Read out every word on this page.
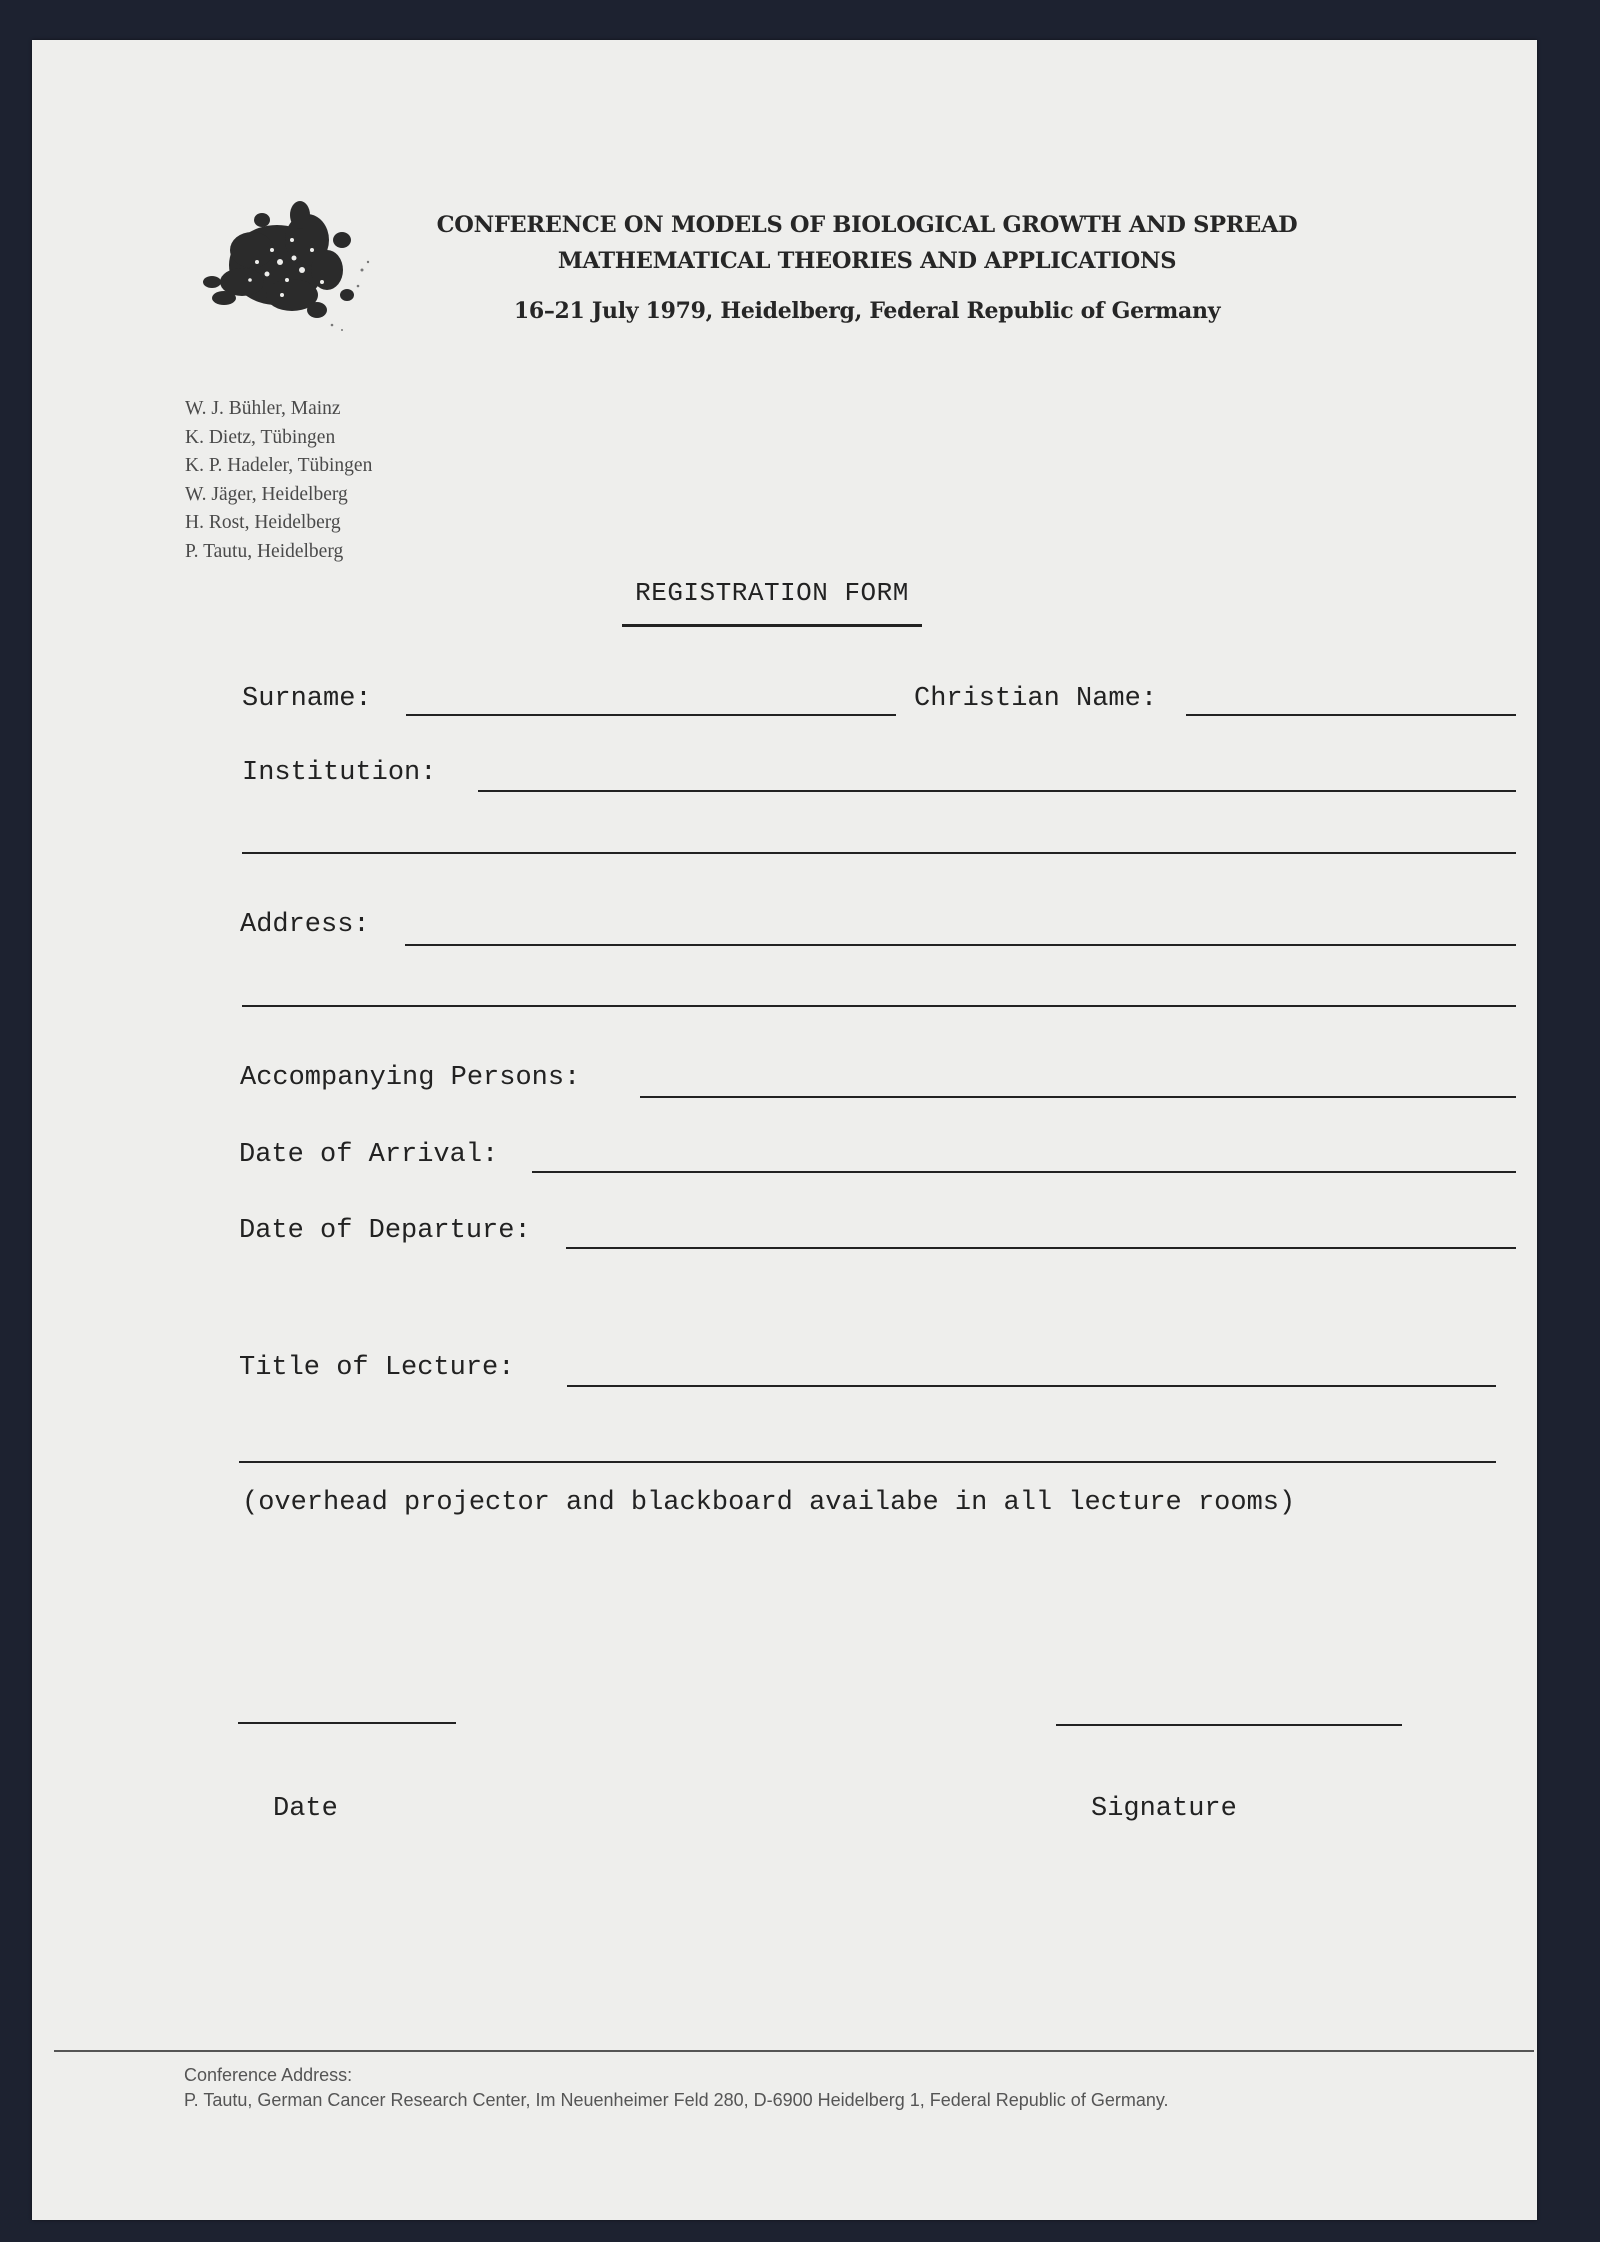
CONFERENCE ON MODELS OF BIOLOGICAL GROWTH AND SPREAD
MATHEMATICAL THEORIES AND APPLICATIONS
16–21 July 1979, Heidelberg, Federal Republic of Germany
W. J. Bühler, Mainz
K. Dietz, Tübingen
K. P. Hadeler, Tübingen
W. Jäger, Heidelberg
H. Rost, Heidelberg
P. Tautu, Heidelberg
REGISTRATION FORM
Surname:	Christian Name:
Institution:
Address:
Accompanying Persons:
Date of Arrival:
Date of Departure:
Title of Lecture:
(overhead projector and blackboard availabe in all lecture rooms)
Date	Signature
Conference Address:
P. Tautu, German Cancer Research Center, Im Neuenheimer Feld 280, D-6900 Heidelberg 1, Federal Republic of Germany.
